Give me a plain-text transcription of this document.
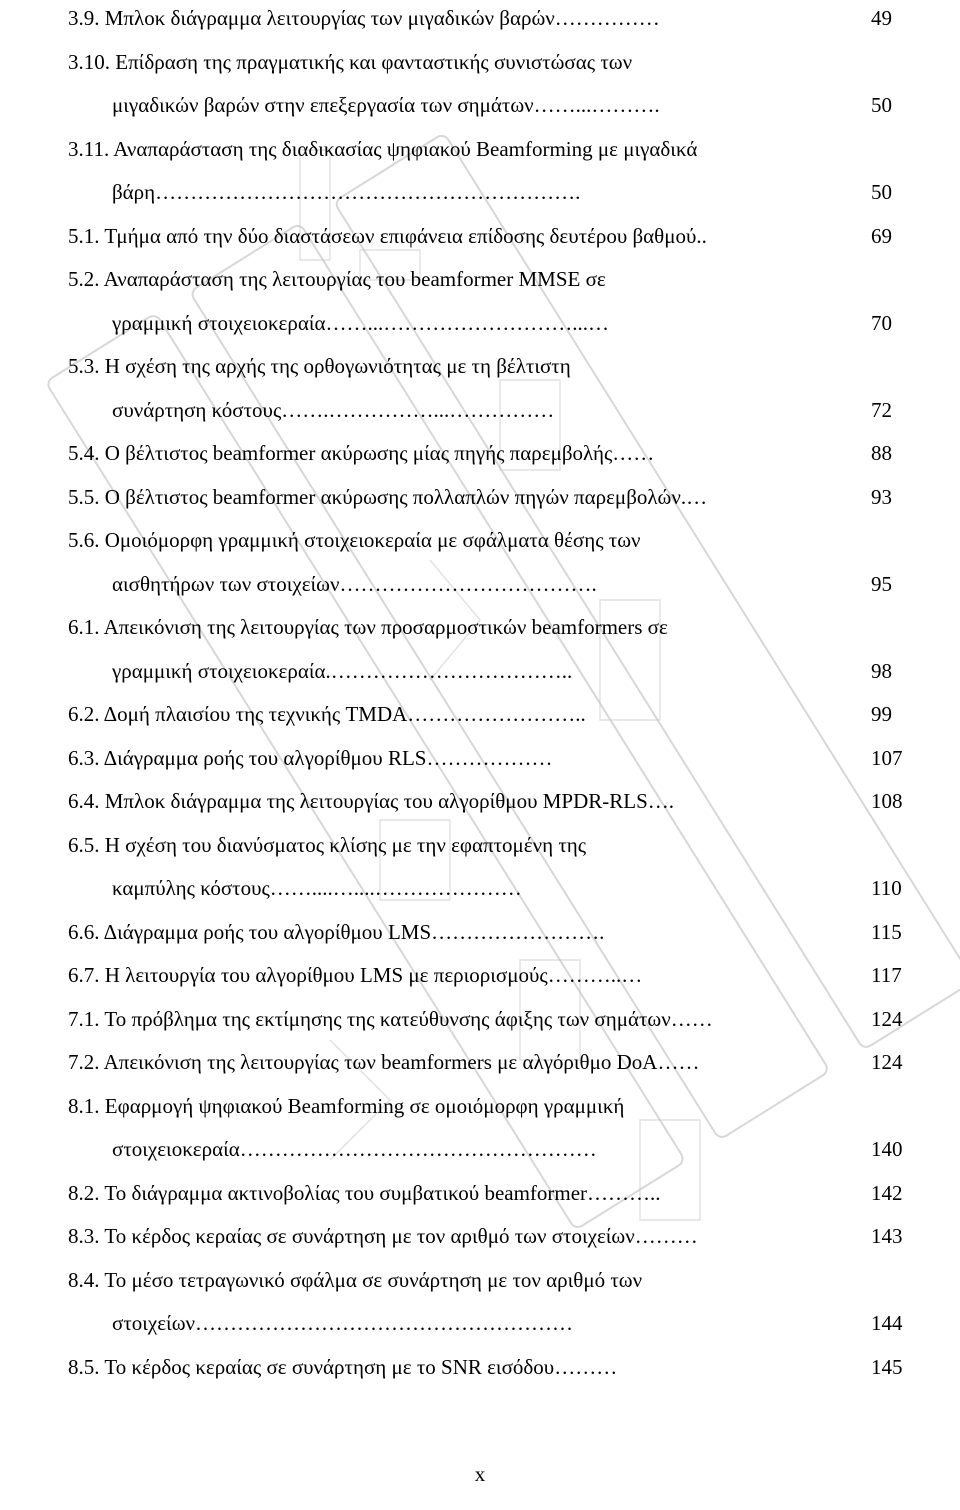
3.9. Μπλοκ διάγραμμα λειτουργίας των μιγαδικών βαρών……………	49
3.10. Επίδραση της πραγματικής και φανταστικής συνιστώσας των
μιγαδικών βαρών στην επεξεργασία των σημάτων……...……….	50
3.11. Αναπαράσταση της διαδικασίας ψηφιακού Beamforming με μιγαδικά
βάρη…………………………………………………….	50
5.1. Τμήμα από την δύο διαστάσεων επιφάνεια επίδοσης δευτέρου βαθμού..	69
5.2. Αναπαράσταση της λειτουργίας του beamformer MMSE σε
γραμμική στοιχειοκεραία……...………………………...…	70
5.3. Η σχέση της αρχής της ορθογωνιότητας με τη βέλτιστη
συνάρτηση κόστους…….……………...……………	72
5.4. Ο βέλτιστος beamformer ακύρωσης μίας πηγής παρεμβολής……	88
5.5. Ο βέλτιστος beamformer ακύρωσης πολλαπλών πηγών παρεμβολών.…	93
5.6. Ομοιόμορφη γραμμική στοιχειοκεραία με σφάλματα θέσης των
αισθητήρων των στοιχείων……………………………….	95
6.1. Απεικόνιση της λειτουργίας των προσαρμοστικών beamformers σε
γραμμική στοιχειοκεραία.……………………………..	98
6.2. Δομή πλαισίου της τεχνικής TMDA……………………..	99
6.3. Διάγραμμα ροής του αλγορίθμου RLS………………	107
6.4. Μπλοκ διάγραμμα της λειτουργίας του αλγορίθμου MPDR-RLS….	108
6.5. Η σχέση του διανύσματος κλίσης με την εφαπτομένη της
καμπύλης κόστους……....…....…………………	110
6.6. Διάγραμμα ροής του αλγορίθμου LMS…………………….	115
6.7. Η λειτουργία του αλγορίθμου LMS με περιορισμούς………..…	117
7.1. Το πρόβλημα της εκτίμησης της κατεύθυνσης άφιξης των σημάτων……	124
7.2. Απεικόνιση της λειτουργίας των beamformers με αλγόριθμο DoA……	124
8.1. Εφαρμογή ψηφιακού Beamforming σε ομοιόμορφη γραμμική
στοιχειοκεραία……………………………………………	140
8.2. Το διάγραμμα ακτινοβολίας του συμβατικού beamformer………..	142
8.3. Το κέρδος κεραίας σε συνάρτηση με τον αριθμό των στοιχείων………	143
8.4. Το μέσο τετραγωνικό σφάλμα σε συνάρτηση με τον αριθμό των
στοιχείων………………………………………………	144
8.5. Το κέρδος κεραίας σε συνάρτηση με το SNR εισόδου………	145
x
